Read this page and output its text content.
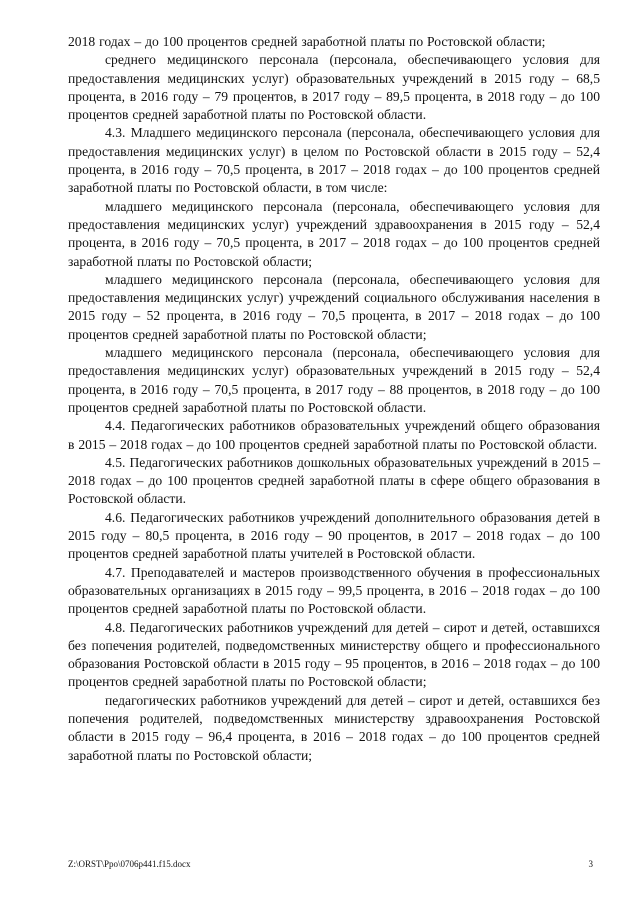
2018 годах – до 100 процентов средней заработной платы по Ростовской области;

среднего медицинского персонала (персонала, обеспечивающего условия для предоставления медицинских услуг) образовательных учреждений в 2015 году – 68,5 процента, в 2016 году – 79 процентов, в 2017 году – 89,5 процента, в 2018 году – до 100 процентов средней заработной платы по Ростовской области.

4.3. Младшего медицинского персонала (персонала, обеспечивающего условия для предоставления медицинских услуг) в целом по Ростовской области в 2015 году – 52,4 процента, в 2016 году – 70,5 процента, в 2017 – 2018 годах – до 100 процентов средней заработной платы по Ростовской области, в том числе:

младшего медицинского персонала (персонала, обеспечивающего условия для предоставления медицинских услуг) учреждений здравоохранения в 2015 году – 52,4 процента, в 2016 году – 70,5 процента, в 2017 – 2018 годах – до 100 процентов средней заработной платы по Ростовской области;

младшего медицинского персонала (персонала, обеспечивающего условия для предоставления медицинских услуг) учреждений социального обслуживания населения в 2015 году – 52 процента, в 2016 году – 70,5 процента, в 2017 – 2018 годах – до 100 процентов средней заработной платы по Ростовской области;

младшего медицинского персонала (персонала, обеспечивающего условия для предоставления медицинских услуг) образовательных учреждений в 2015 году – 52,4 процента, в 2016 году – 70,5 процента, в 2017 году – 88 процентов, в 2018 году – до 100 процентов средней заработной платы по Ростовской области.

4.4. Педагогических работников образовательных учреждений общего образования в 2015 – 2018 годах – до 100 процентов средней заработной платы по Ростовской области.

4.5. Педагогических работников дошкольных образовательных учреждений в 2015 – 2018 годах – до 100 процентов средней заработной платы в сфере общего образования в Ростовской области.

4.6. Педагогических работников учреждений дополнительного образования детей в 2015 году – 80,5 процента, в 2016 году – 90 процентов, в 2017 – 2018 годах – до 100 процентов средней заработной платы учителей в Ростовской области.

4.7. Преподавателей и мастеров производственного обучения в профессиональных образовательных организациях в 2015 году – 99,5 процента, в 2016 – 2018 годах – до 100 процентов средней заработной платы по Ростовской области.

4.8. Педагогических работников учреждений для детей – сирот и детей, оставшихся без попечения родителей, подведомственных министерству общего и профессионального образования Ростовской области в 2015 году – 95 процентов, в 2016 – 2018 годах – до 100 процентов средней заработной платы по Ростовской области;

педагогических работников учреждений для детей – сирот и детей, оставшихся без попечения родителей, подведомственных министерству здравоохранения Ростовской области в 2015 году – 96,4 процента, в 2016 – 2018 годах – до 100 процентов средней заработной платы по Ростовской области;

Z:\ORST\Ppo\0706p441.f15.docx	3
